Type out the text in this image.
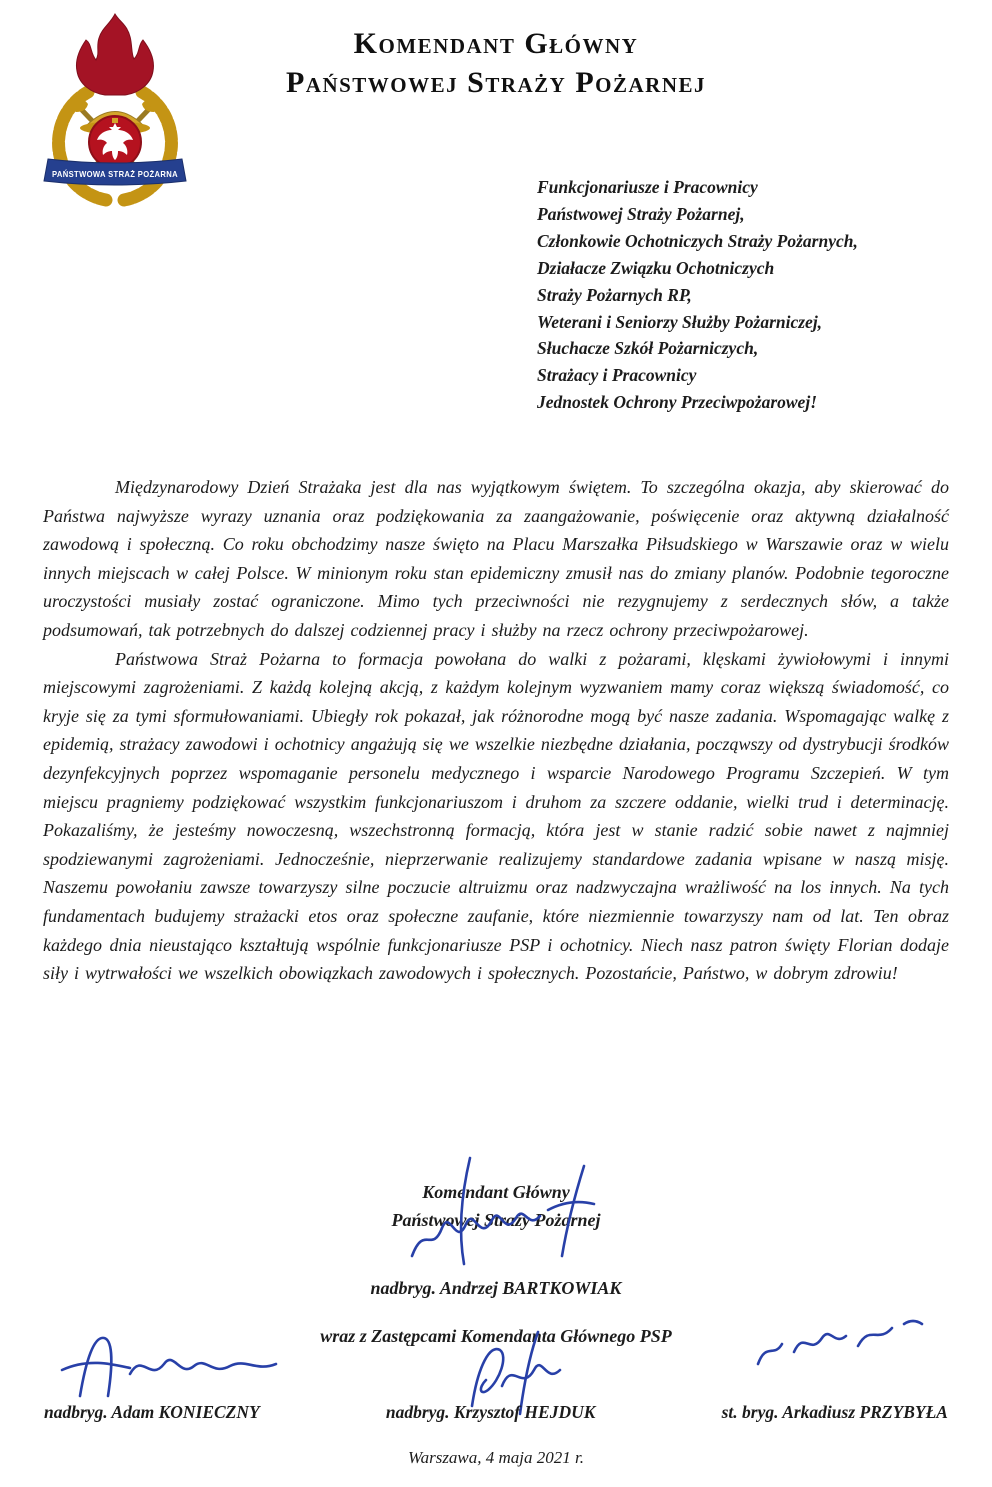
PAŃSTWOWA STRAŻ POŻARNA
Komendant Główny
Państwowej Straży Pożarnej
Funkcjonariusze i Pracownicy
Państwowej Straży Pożarnej,
Członkowie Ochotniczych Straży Pożarnych,
Działacze Związku Ochotniczych
Straży Pożarnych RP,
Weterani i Seniorzy Służby Pożarniczej,
Słuchacze Szkół Pożarniczych,
Strażacy i Pracownicy
Jednostek Ochrony Przeciwpożarowej!

Międzynarodowy Dzień Strażaka jest dla nas wyjątkowym świętem. To szczególna okazja, aby skierować do Państwa najwyższe wyrazy uznania oraz podziękowania za zaangażowanie, poświęcenie oraz aktywną działalność zawodową i społeczną. Co roku obchodzimy nasze święto na Placu Marszałka Piłsudskiego w Warszawie oraz w wielu innych miejscach w całej Polsce. W minionym roku stan epidemiczny zmusił nas do zmiany planów. Podobnie tegoroczne uroczystości musiały zostać ograniczone. Mimo tych przeciwności nie rezygnujemy z serdecznych słów, a także podsumowań, tak potrzebnych do dalszej codziennej pracy i służby na rzecz ochrony przeciwpożarowej.

Państwowa Straż Pożarna to formacja powołana do walki z pożarami, klęskami żywiołowymi i innymi miejscowymi zagrożeniami. Z każdą kolejną akcją, z każdym kolejnym wyzwaniem mamy coraz większą świadomość, co kryje się za tymi sformułowaniami. Ubiegły rok pokazał, jak różnorodne mogą być nasze zadania. Wspomagając walkę z epidemią, strażacy zawodowi i ochotnicy angażują się we wszelkie niezbędne działania, począwszy od dystrybucji środków dezynfekcyjnych poprzez wspomaganie personelu medycznego i wsparcie Narodowego Programu Szczepień. W tym miejscu pragniemy podziękować wszystkim funkcjonariuszom i druhom za szczere oddanie, wielki trud i determinację. Pokazaliśmy, że jesteśmy nowoczesną, wszechstronną formacją, która jest w stanie radzić sobie nawet z najmniej spodziewanymi zagrożeniami. Jednocześnie, nieprzerwanie realizujemy standardowe zadania wpisane w naszą misję. Naszemu powołaniu zawsze towarzyszy silne poczucie altruizmu oraz nadzwyczajna wrażliwość na los innych. Na tych fundamentach budujemy strażacki etos oraz społeczne zaufanie, które niezmiennie towarzyszy nam od lat. Ten obraz każdego dnia nieustająco kształtują wspólnie funkcjonariusze PSP i ochotnicy. Niech nasz patron święty Florian dodaje siły i wytrwałości we wszelkich obowiązkach zawodowych i społecznych. Pozostańcie, Państwo, w dobrym zdrowiu!

Komendant Główny
Państwowej Straży Pożarnej
nadbryg. Andrzej BARTKOWIAK
wraz z Zastępcami Komendanta Głównego PSP
nadbryg. Adam KONIECZNY	nadbryg. Krzysztof HEJDUK	st. bryg. Arkadiusz PRZYBYŁA
Warszawa, 4 maja 2021 r.
